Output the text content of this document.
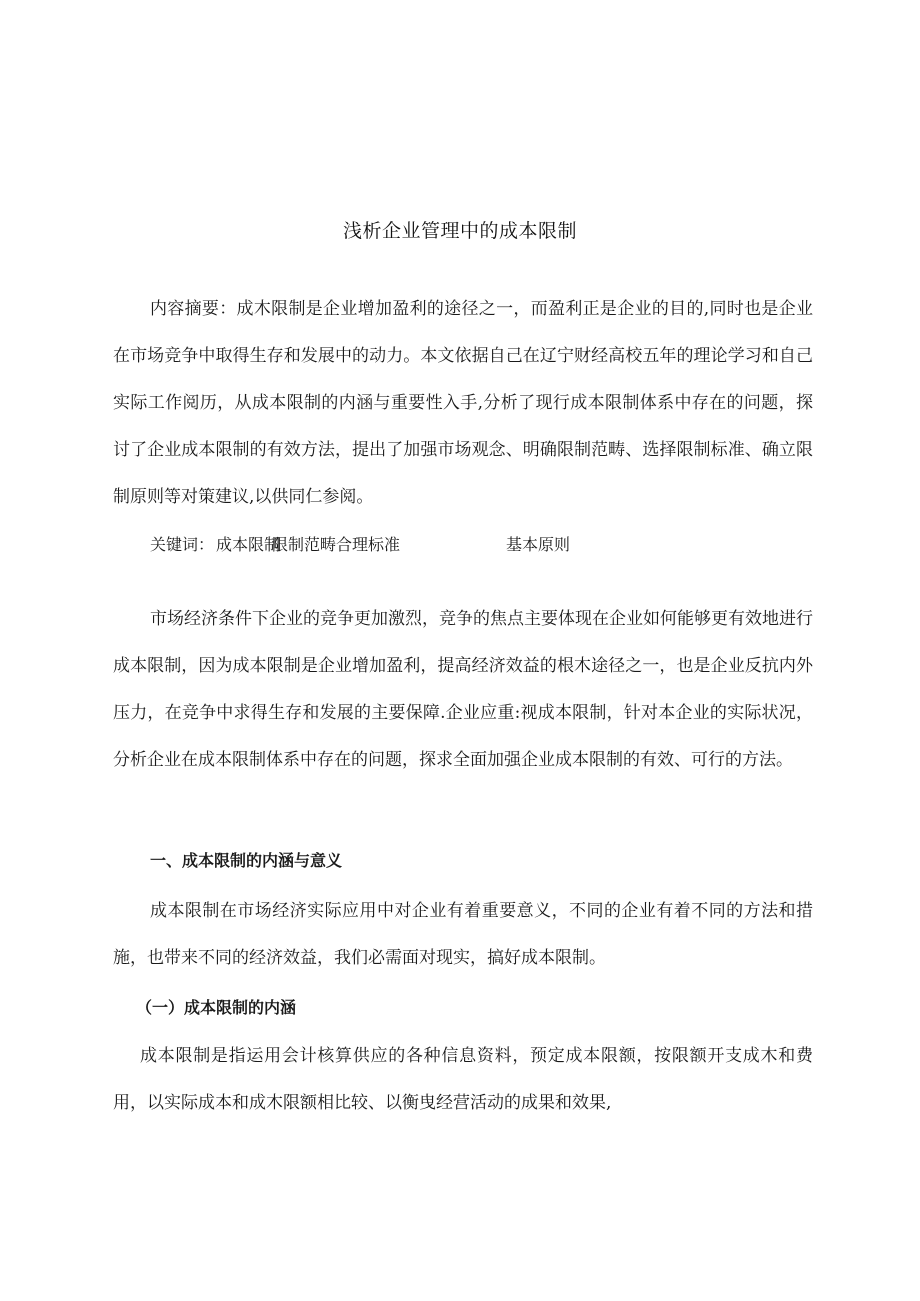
浅析企业管理中的成本限制

内容摘要：成木限制是企业增加盈利的途径之一，而盈利正是企业的目的,同时也是企业在市场竞争中取得生存和发展中的动力。本文依据自己在辽宁财经高校五年的理论学习和自己实际工作阅历，从成本限制的内涵与重要性入手,分析了现行成本限制体系中存在的问题，探讨了企业成本限制的有效方法，提出了加强市场观念、明确限制范畴、选择限制标准、确立限制原则等对策建议,以供同仁参阅。

关键词： 成本限制限制范畴合理标准	基本原则

市场经济条件下企业的竞争更加激烈，竞争的焦点主要体现在企业如何能够更有效地进行成本限制，因为成本限制是企业增加盈利，提高经济效益的根木途径之一，也是企业反抗内外压力，在竞争中求得生存和发展的主要保障.企业应重:视成本限制，针对本企业的实际状况，分析企业在成本限制体系中存在的问题，探求全面加强企业成本限制的有效、可行的方法。

一、成本限制的内涵与意义

成本限制在市场经济实际应用中对企业有着重要意义，不同的企业有着不同的方法和措施，也带来不同的经济效益，我们必需面对现实，搞好成本限制。

（一）成本限制的内涵

成本限制是指运用会计核算供应的各种信息资料，预定成本限额，按限额开支成木和费用，以实际成本和成木限额相比较、以衡曳经营活动的成果和效果,
